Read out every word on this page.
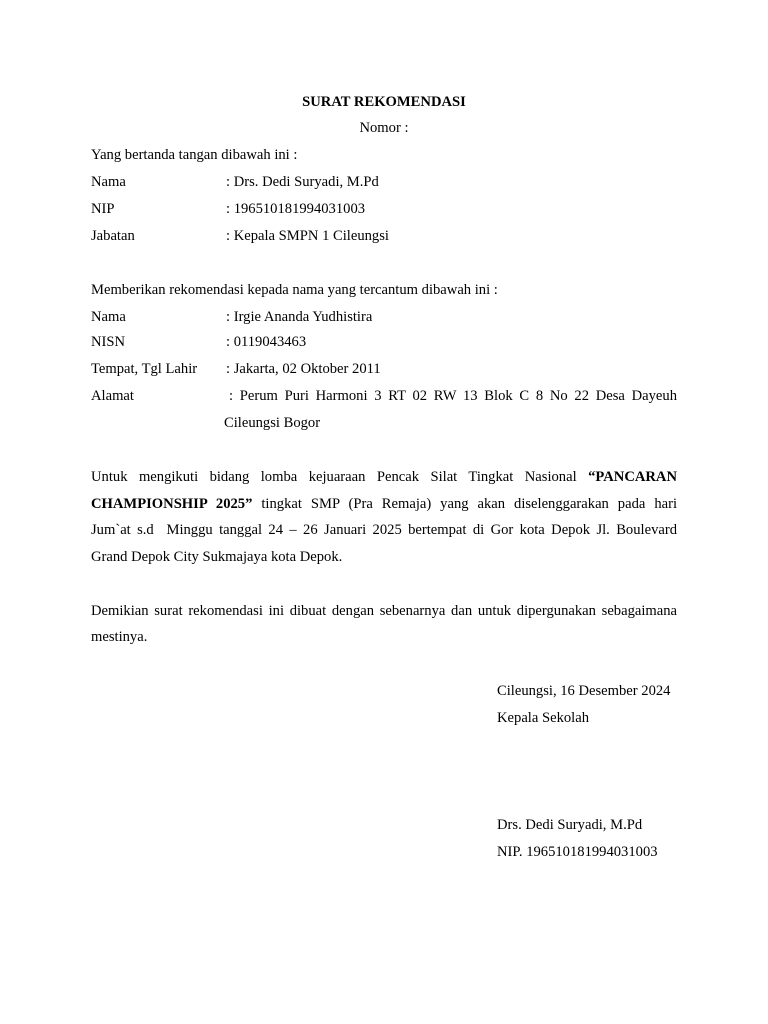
SURAT REKOMENDASI
Nomor :
Yang bertanda tangan dibawah ini :
Nama	: Drs. Dedi Suryadi, M.Pd
NIP	: 196510181994031003
Jabatan	: Kepala SMPN 1 Cileungsi
Memberikan rekomendasi kepada nama yang tercantum dibawah ini :
Nama	: Irgie Ananda Yudhistira
NISN	: 0119043463
Tempat, Tgl Lahir : Jakarta, 02 Oktober 2011
Alamat	: Perum Puri Harmoni 3 RT 02 RW 13 Blok C 8 No 22 Desa Dayeuh
Cileungsi Bogor
Untuk mengikuti bidang lomba kejuaraan Pencak Silat Tingkat Nasional “PANCARAN
CHAMPIONSHIP 2025” tingkat SMP (Pra Remaja) yang akan diselenggarakan pada hari
Jum`at s.d  Minggu tanggal 24 – 26 Januari 2025 bertempat di Gor kota Depok Jl. Boulevard
Grand Depok City Sukmajaya kota Depok.
Demikian surat rekomendasi ini dibuat dengan sebenarnya dan untuk dipergunakan sebagaimana
mestinya.
Cileungsi, 16 Desember 2024
Kepala Sekolah
Drs. Dedi Suryadi, M.Pd
NIP. 196510181994031003
